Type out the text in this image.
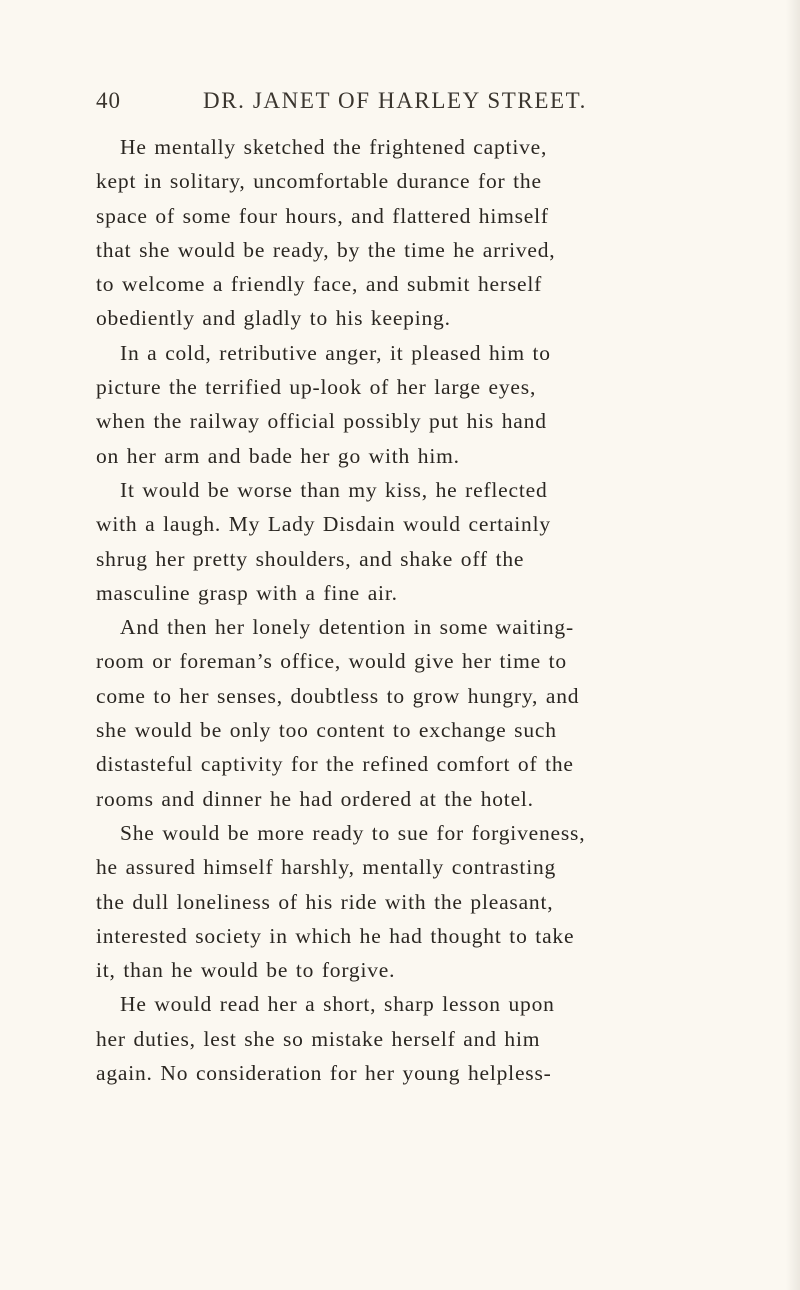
40	DR. JANET OF HARLEY STREET.
He mentally sketched the frightened captive,
kept in solitary, uncomfortable durance for the
space of some four hours, and flattered himself
that she would be ready, by the time he arrived,
to welcome a friendly face, and submit herself
obediently and gladly to his keeping.
In a cold, retributive anger, it pleased him to
picture the terrified up-look of her large eyes,
when the railway official possibly put his hand
on her arm and bade her go with him.
It would be worse than my kiss, he reflected
with a laugh. My Lady Disdain would certainly
shrug her pretty shoulders, and shake off the
masculine grasp with a fine air.
And then her lonely detention in some waiting-
room or foreman’s office, would give her time to
come to her senses, doubtless to grow hungry, and
she would be only too content to exchange such
distasteful captivity for the refined comfort of the
rooms and dinner he had ordered at the hotel.
She would be more ready to sue for forgiveness,
he assured himself harshly, mentally contrasting
the dull loneliness of his ride with the pleasant,
interested society in which he had thought to take
it, than he would be to forgive.
He would read her a short, sharp lesson upon
her duties, lest she so mistake herself and him
again. No consideration for her young helpless-
